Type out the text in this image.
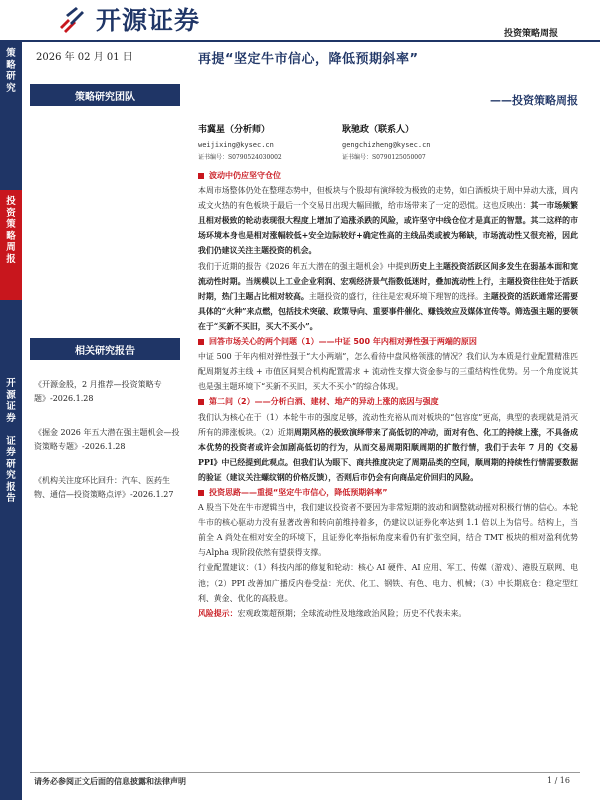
开源证券	投资策略周报
策
略
研
究
投
资
策
略
周
报
开
源
证
券

证
券
研
究
报
告
2026 年 02 月 01 日
策略研究团队
相关研究报告
《开源金股，2 月推荐—投资策略专题》-2026.1.28
《掘金 2026 年五大潜在强主题机会—投资策略专题》-2026.1.28
《机构关注度环比回升：汽车、医药生物、通信—投资策略点评》-2026.1.27
再提“坚定牛市信心，降低预期斜率”
——投资策略周报
韦冀星（分析师）
weijixing@kysec.cn
证书编号：S0790524030002
耿驰政（联系人）
gengchizheng@kysec.cn
证书编号：S0790125050007
波动中仍应坚守仓位

本周市场整体仍处在整理态势中，但板块与个股却有演绎较为极致的走势，如白酒板块于周中异动大涨，周内或文火热的有色板块于最后一个交易日出现大幅回撤，给市场带来了一定的恐慌。这也反映出：其一市场频繁且相对极致的轮动表现很大程度上增加了追涨杀跌的风险，或许坚守中线仓位才是真正的智慧。其二这样的市场环境本身也是相对涨幅较低+安全边际较好+确定性高的主线品类或被为稀缺，市场流动性又很充裕，因此我们仍建议关注主题投资的机会。

我们于近期的报告《2026 年五大潜在的强主题机会》中提到历史上主题投资活跃区间多发生在弱基本面和宽流动性时期。当规模以上工业企业利润、宏观经济景气指数低迷时，叠加流动性上行，主题投资往往处于活跃时期，热门主题占比相对较高。主题投资的盛行，往往是宏观环境下理智的选择。主题投资的活跃通常还需要具体的“火种”来点燃，包括技术突破、政策导向、重要事件催化、赚钱效应及媒体宣传等。筛选强主题的要领在于“买新不买旧，买大不买小”。

回答市场关心的两个问题（1）——中证 500 年内相对弹性强于两端的原因

中证 500 于年内相对弹性强于“大小两端”，怎么看待中盘风格领涨的情况？我们认为本质是行业配置精准匹配周期复苏主线 + 市值区间契合机构配置需求 + 流动性支撑大资金参与的三重结构性优势。另一个角度说其也是强主题环境下“买新不买旧，买大不买小”的综合体现。

第二问（2）——分析白酒、建材、地产的异动上涨的底因与强度

我们认为核心在于（1）本轮牛市的强度足够，流动性充裕从而对板块的“包容度”更高，典型的表现就是消灭所有的滞涨板块。（2）近期周期风格的极致演绎带来了高低切的冲动，面对有色、化工的持续上涨，不具备成本优势的投资者或许会加剧高低切的行为，从而交易周期阳顺周期的扩散行情，我们于去年 7 月的《交易 PPI》中已经提到此观点。但我们认为眼下、商共推度决定了周期品类的空间，顺周期的持续性行情需要数据的验证（建议关注螺纹钢的价格反馈），否则后市仍会有向商品定价回归的风险。

投资思路——重提“坚定牛市信心，降低预期斜率”

A 股当下处在牛市逻辑当中，我们建议投资者不要因为非常短期的波动和调整就动摇对积极行情的信心。本轮牛市的核心驱动力没有显著改善和转向前维持着多，仍建议以证券化率达到 1.1 倍以上为信号。结构上，当前全 A 尚处在相对安全的环境下，且证券化率指标角度来看仍有扩张空间，结合 TMT 板块的相对盈利优势与Alpha 现阶段依然有望获得支撑。

行业配置建议：（1）科技内部的修复和轮动：核心 AI 硬件、AI 应用、军工、传媒（游戏）、港股互联网、电池；（2）PPI 改善加广播反内卷受益：光伏、化工、钢铁、有色、电力、机械；（3）中长期底仓：稳定型红利、黄金、优化的高股息。

风险提示：宏观政策超预期；全球流动性及地缘政治风险；历史不代表未来。

请务必参阅正文后面的信息披露和法律声明	1 / 16
